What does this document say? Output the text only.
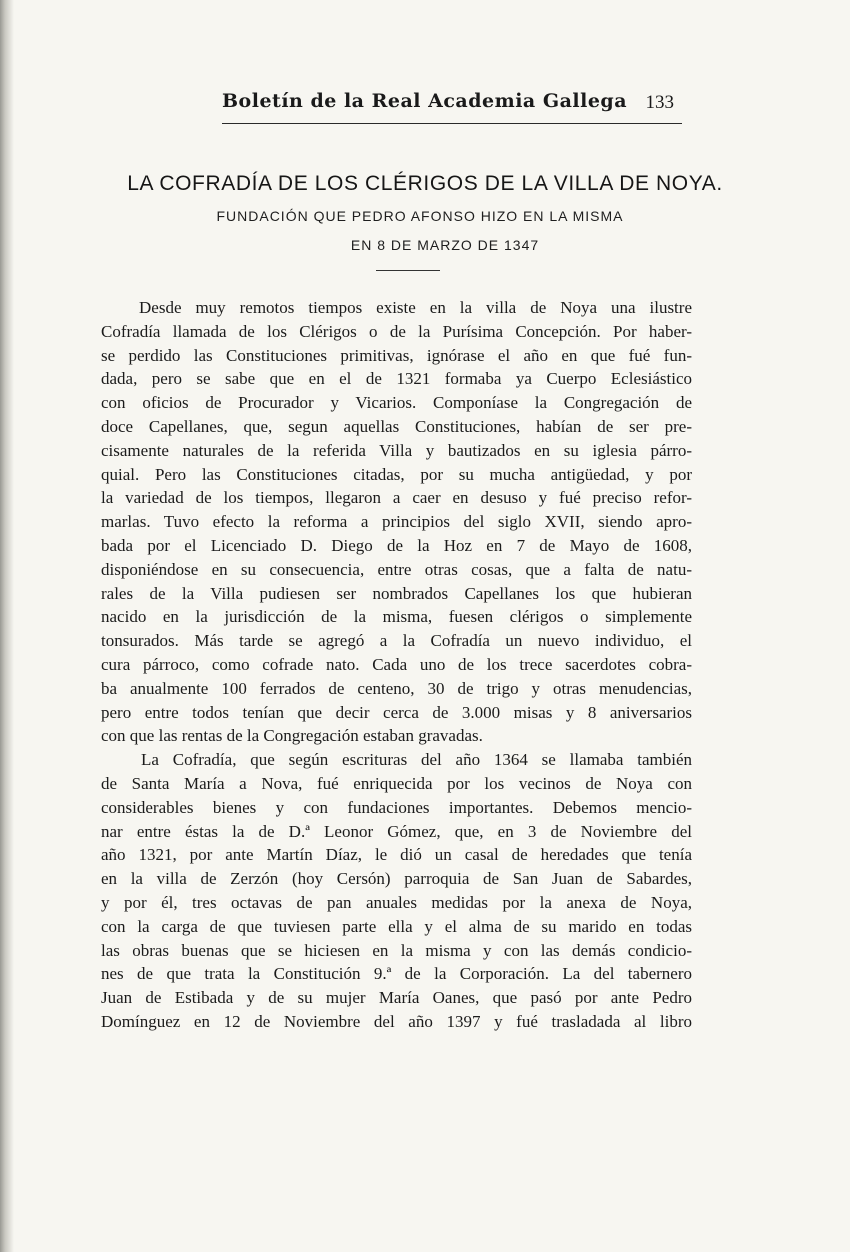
Boletín de la Real Academia Gallega 133
LA COFRADÍA DE LOS CLÉRIGOS DE LA VILLA DE NOYA.
FUNDACIÓN QUE PEDRO AFONSO HIZO EN LA MISMA
EN 8 DE MARZO DE 1347
Desde muy remotos tiempos existe en la villa de Noya una ilustre
Cofradía llamada de los Clérigos o de la Purísima Concepción. Por haber-
se perdido las Constituciones primitivas, ignórase el año en que fué fun-
dada, pero se sabe que en el de 1321 formaba ya Cuerpo Eclesiástico
con oficios de Procurador y Vicarios. Componíase la Congregación de
doce Capellanes, que, segun aquellas Constituciones, habían de ser pre-
cisamente naturales de la referida Villa y bautizados en su iglesia párro-
quial. Pero las Constituciones citadas, por su mucha antigüedad, y por
la variedad de los tiempos, llegaron a caer en desuso y fué preciso refor-
marlas. Tuvo efecto la reforma a principios del siglo XVII, siendo apro-
bada por el Licenciado D. Diego de la Hoz en 7 de Mayo de 1608,
disponiéndose en su consecuencia, entre otras cosas, que a falta de natu-
rales de la Villa pudiesen ser nombrados Capellanes los que hubieran
nacido en la jurisdicción de la misma, fuesen clérigos o simplemente
tonsurados. Más tarde se agregó a la Cofradía un nuevo individuo, el
cura párroco, como cofrade nato. Cada uno de los trece sacerdotes cobra-
ba anualmente 100 ferrados de centeno, 30 de trigo y otras menudencias,
pero entre todos tenían que decir cerca de 3.000 misas y 8 aniversarios
con que las rentas de la Congregación estaban gravadas.
La Cofradía, que según escrituras del año 1364 se llamaba también
de Santa María a Nova, fué enriquecida por los vecinos de Noya con
considerables bienes y con fundaciones importantes. Debemos mencio-
nar entre éstas la de D.ª Leonor Gómez, que, en 3 de Noviembre del
año 1321, por ante Martín Díaz, le dió un casal de heredades que tenía
en la villa de Zerzón (hoy Cersón) parroquia de San Juan de Sabardes,
y por él, tres octavas de pan anuales medidas por la anexa de Noya,
con la carga de que tuviesen parte ella y el alma de su marido en todas
las obras buenas que se hiciesen en la misma y con las demás condicio-
nes de que trata la Constitución 9.ª de la Corporación. La del tabernero
Juan de Estibada y de su mujer María Oanes, que pasó por ante Pedro
Domínguez en 12 de Noviembre del año 1397 y fué trasladada al libro
